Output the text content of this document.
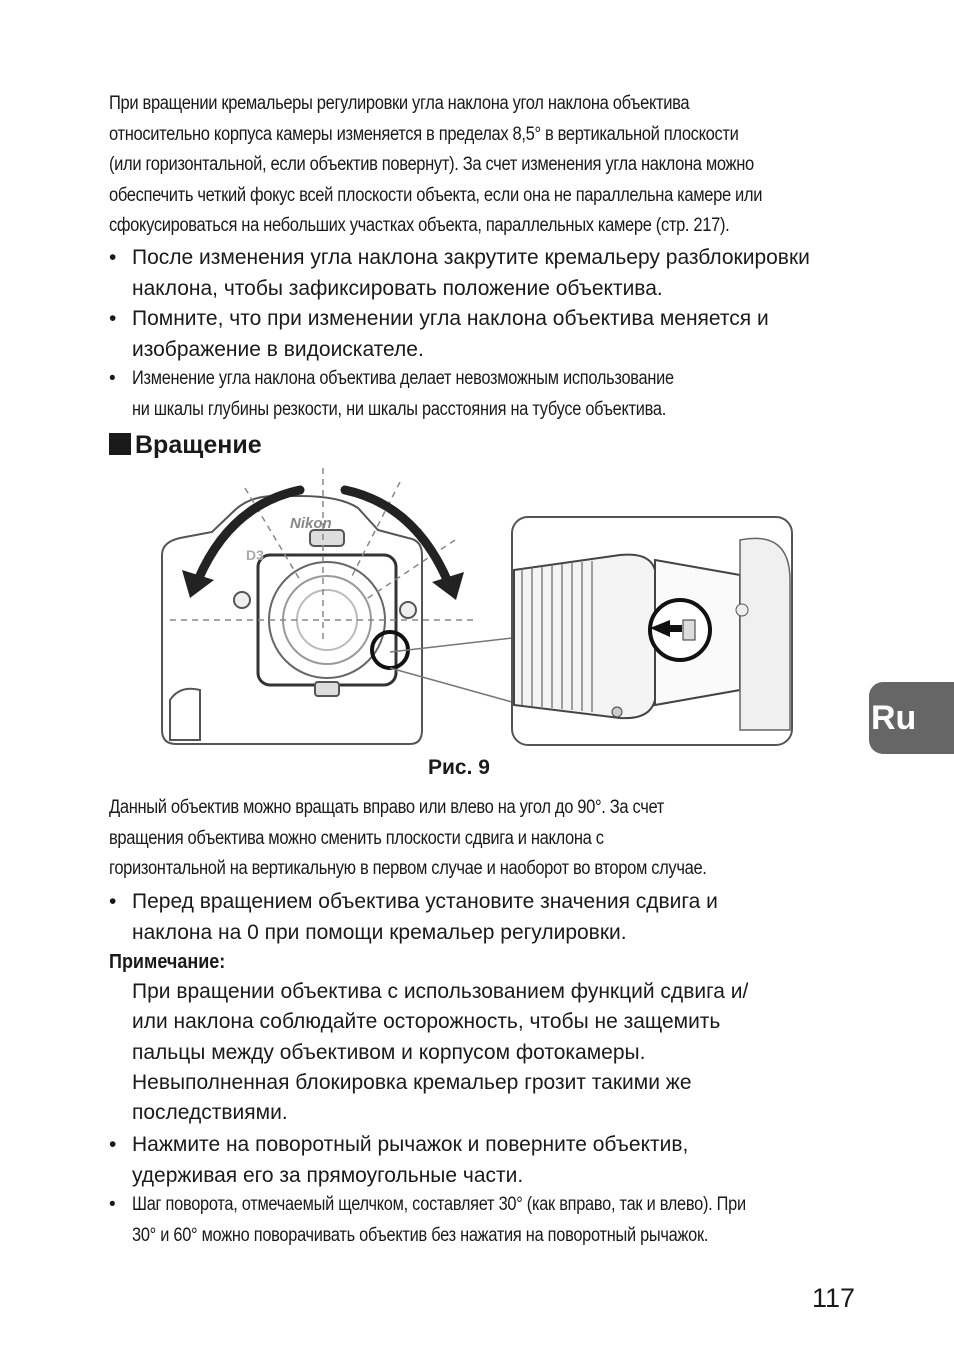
При вращении кремальеры регулировки угла наклона угол наклона объектива
относительно корпуса камеры изменяется в пределах 8,5° в вертикальной плоскости
(или горизонтальной, если объектив повернут). За счет изменения угла наклона можно
обеспечить четкий фокус всей плоскости объекта, если она не параллельна камере или
сфокусироваться на небольших участках объекта, параллельных камере (стр. 217).
• После изменения угла наклона закрутите кремальеру разблокировки
наклона, чтобы зафиксировать положение объектива.
• Помните, что при изменении угла наклона объектива меняется и
изображение в видоискателе.
• Изменение угла наклона объектива делает невозможным использование
ни шкалы глубины резкости, ни шкалы расстояния на тубусе объектива.
Вращение
Nikon
D3
Рис. 9
Данный объектив можно вращать вправо или влево на угол до 90°. За счет
вращения объектива можно сменить плоскости сдвига и наклона с
горизонтальной на вертикальную в первом случае и наоборот во втором случае.
• Перед вращением объектива установите значения сдвига и
наклона на 0 при помощи кремальер регулировки.
Примечание:
При вращении объектива с использованием функций сдвига и/
или наклона соблюдайте осторожность, чтобы не защемить
пальцы между объективом и корпусом фотокамеры.
Невыполненная блокировка кремальер грозит такими же
последствиями.
• Нажмите на поворотный рычажок и поверните объектив,
удерживая его за прямоугольные части.
• Шаг поворота, отмечаемый щелчком, составляет 30° (как вправо, так и влево). При
30° и 60° можно поворачивать объектив без нажатия на поворотный рычажок.
Ru
117
